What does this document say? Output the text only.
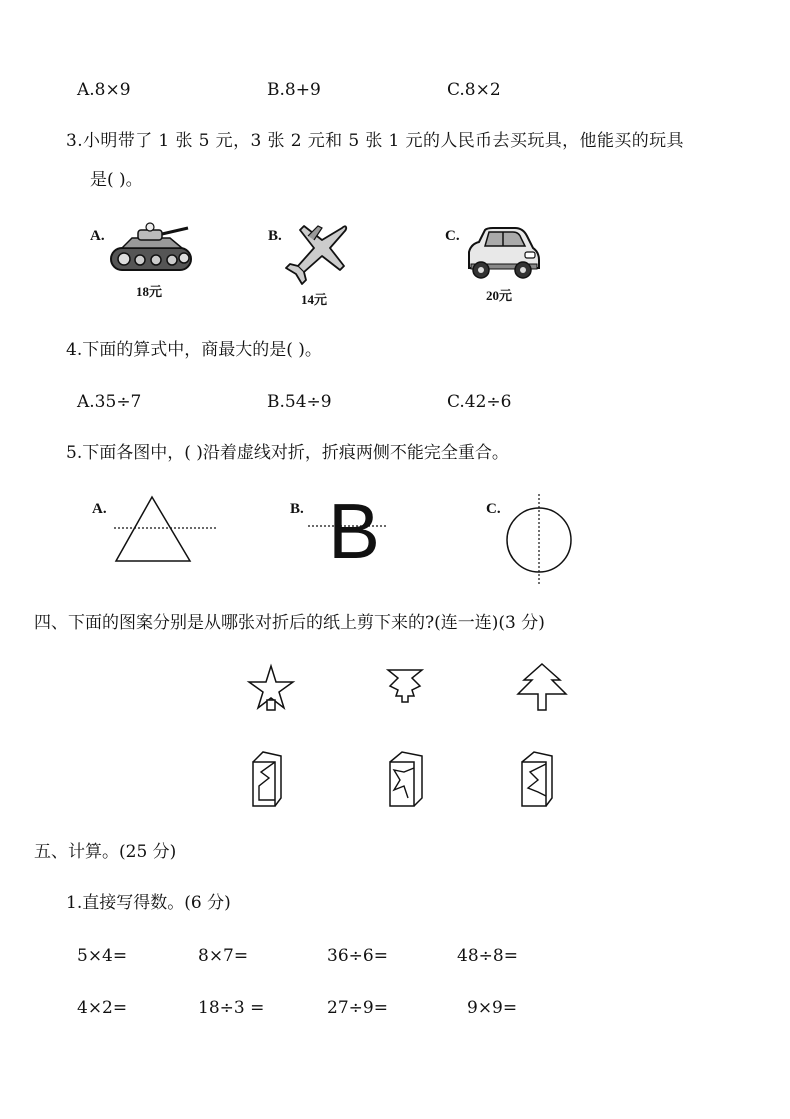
A.8×9	B.8+9	C.8×2
3.小明带了 1 张 5 元，3 张 2 元和 5 张 1 元的人民币去买玩具，他能买的玩具
是( )。
A.
18元
B.
14元
C.
20元
4.下面的算式中，商最大的是( )。
A.35÷7	B.54÷9	C.42÷6
5.下面各图中，( )沿着虚线对折，折痕两侧不能完全重合。
A.	B. B	C.
四、下面的图案分别是从哪张对折后的纸上剪下来的?(连一连)(3 分)
五、计算。(25 分)
1.直接写得数。(6 分)
5×4=	8×7=	36÷6=	48÷8=
4×2=	18÷3 =	27÷9=	9×9=
